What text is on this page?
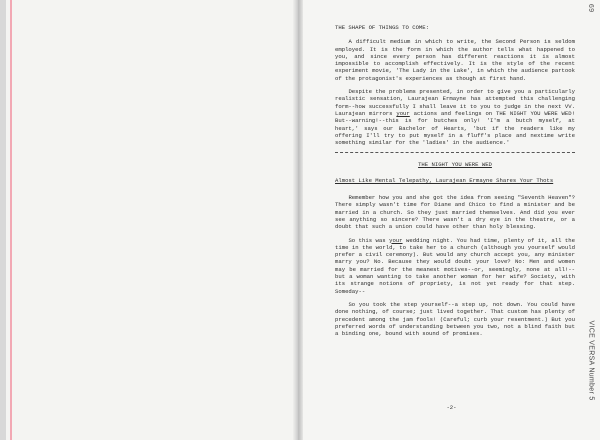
69
VICE VERSA Number 5
THE SHAPE OF THINGS TO COME:

A difficult medium in which to write, the Second Person is seldom employed. It is the form in which the author tells what happened to you, and since every person has different reactions it is almost impossible to accomplish effectively. It is the style of the recent experiment movie, 'The Lady in the Lake', in which the audience partook of the protagonist's experiences as though at first hand.

Despite the problems presented, in order to give you a particularly realistic sensation, Laurajean Ermayne has attempted this challenging form--how successfully I shall leave it to you to judge in the next VV. Laurajean mirrors your actions and feelings on THE NIGHT YOU WERE WED! But--warning!--this is for butches only! 'I'm a butch myself, at heart,' says our Bachelor of Hearts, 'but if the readers like my offering I'll try to put myself in a fluff's place and nextime write something similar for the 'ladies' in the audience.'

THE NIGHT YOU WERE WED
Almost Like Mental Telepathy, Laurajean Ermayne Shares Your Thots

Remember how you and she got the idea from seeing "Seventh Heaven"? There simply wasn't time for Diane and Chico to find a minister and be married in a church. So they just married themselves. And did you ever see anything so sincere? There wasn't a dry eye in the theatre, or a doubt that such a union could have other than holy blessing.

So this was your wedding night. You had time, plenty of it, all the time in the world, to take her to a church (although you yourself would prefer a civil ceremony). But would any church accept you, any minister marry you? No. Because they would doubt your love? No: Men and women may be married for the meanest motives--or, seemingly, none at all!--but a woman wanting to take another woman for her wife? Society, with its strange notions of propriety, is not yet ready for that step. Someday--

So you took the step yourself--a step up, not down. You could have done nothing, of course; just lived together. That custom has plenty of precedent among the jam fools! (Careful; curb your resentment.) But you preferred words of understanding between you two, not a blind faith but a binding one, bound with sound of promises.

-2-
